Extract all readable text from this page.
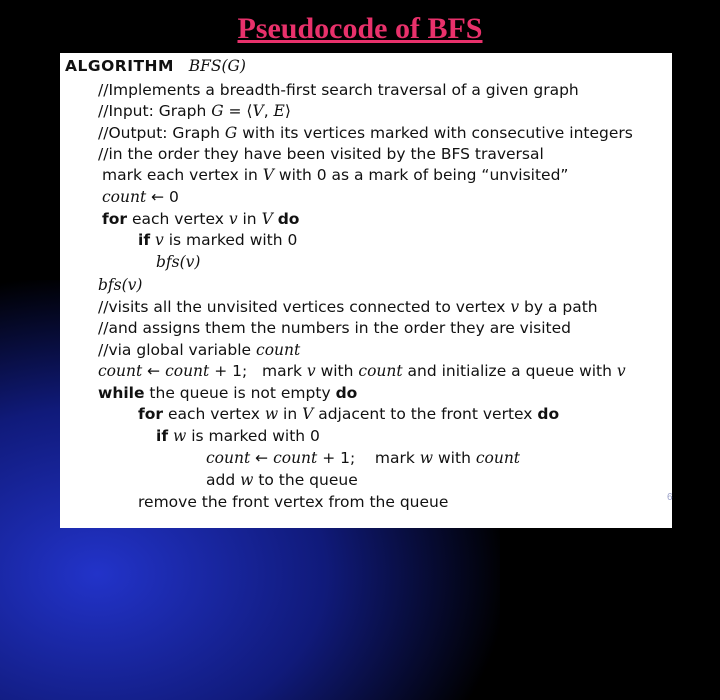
Pseudocode of BFS
ALGORITHM BFS(G)
//Implements a breadth-first search traversal of a given graph
//Input: Graph G = ⟨V, E⟩
//Output: Graph G with its vertices marked with consecutive integers
//in the order they have been visited by the BFS traversal
mark each vertex in V with 0 as a mark of being “unvisited”
count ← 0
for each vertex v in V do
if v is marked with 0
bfs(v)
bfs(v)
//visits all the unvisited vertices connected to vertex v by a path
//and assigns them the numbers in the order they are visited
//via global variable count
count ← count + 1;   mark v with count and initialize a queue with v
while the queue is not empty do
for each vertex w in V adjacent to the front vertex do
if w is marked with 0
count ← count + 1;    mark w with count
add w to the queue
remove the front vertex from the queue	6
